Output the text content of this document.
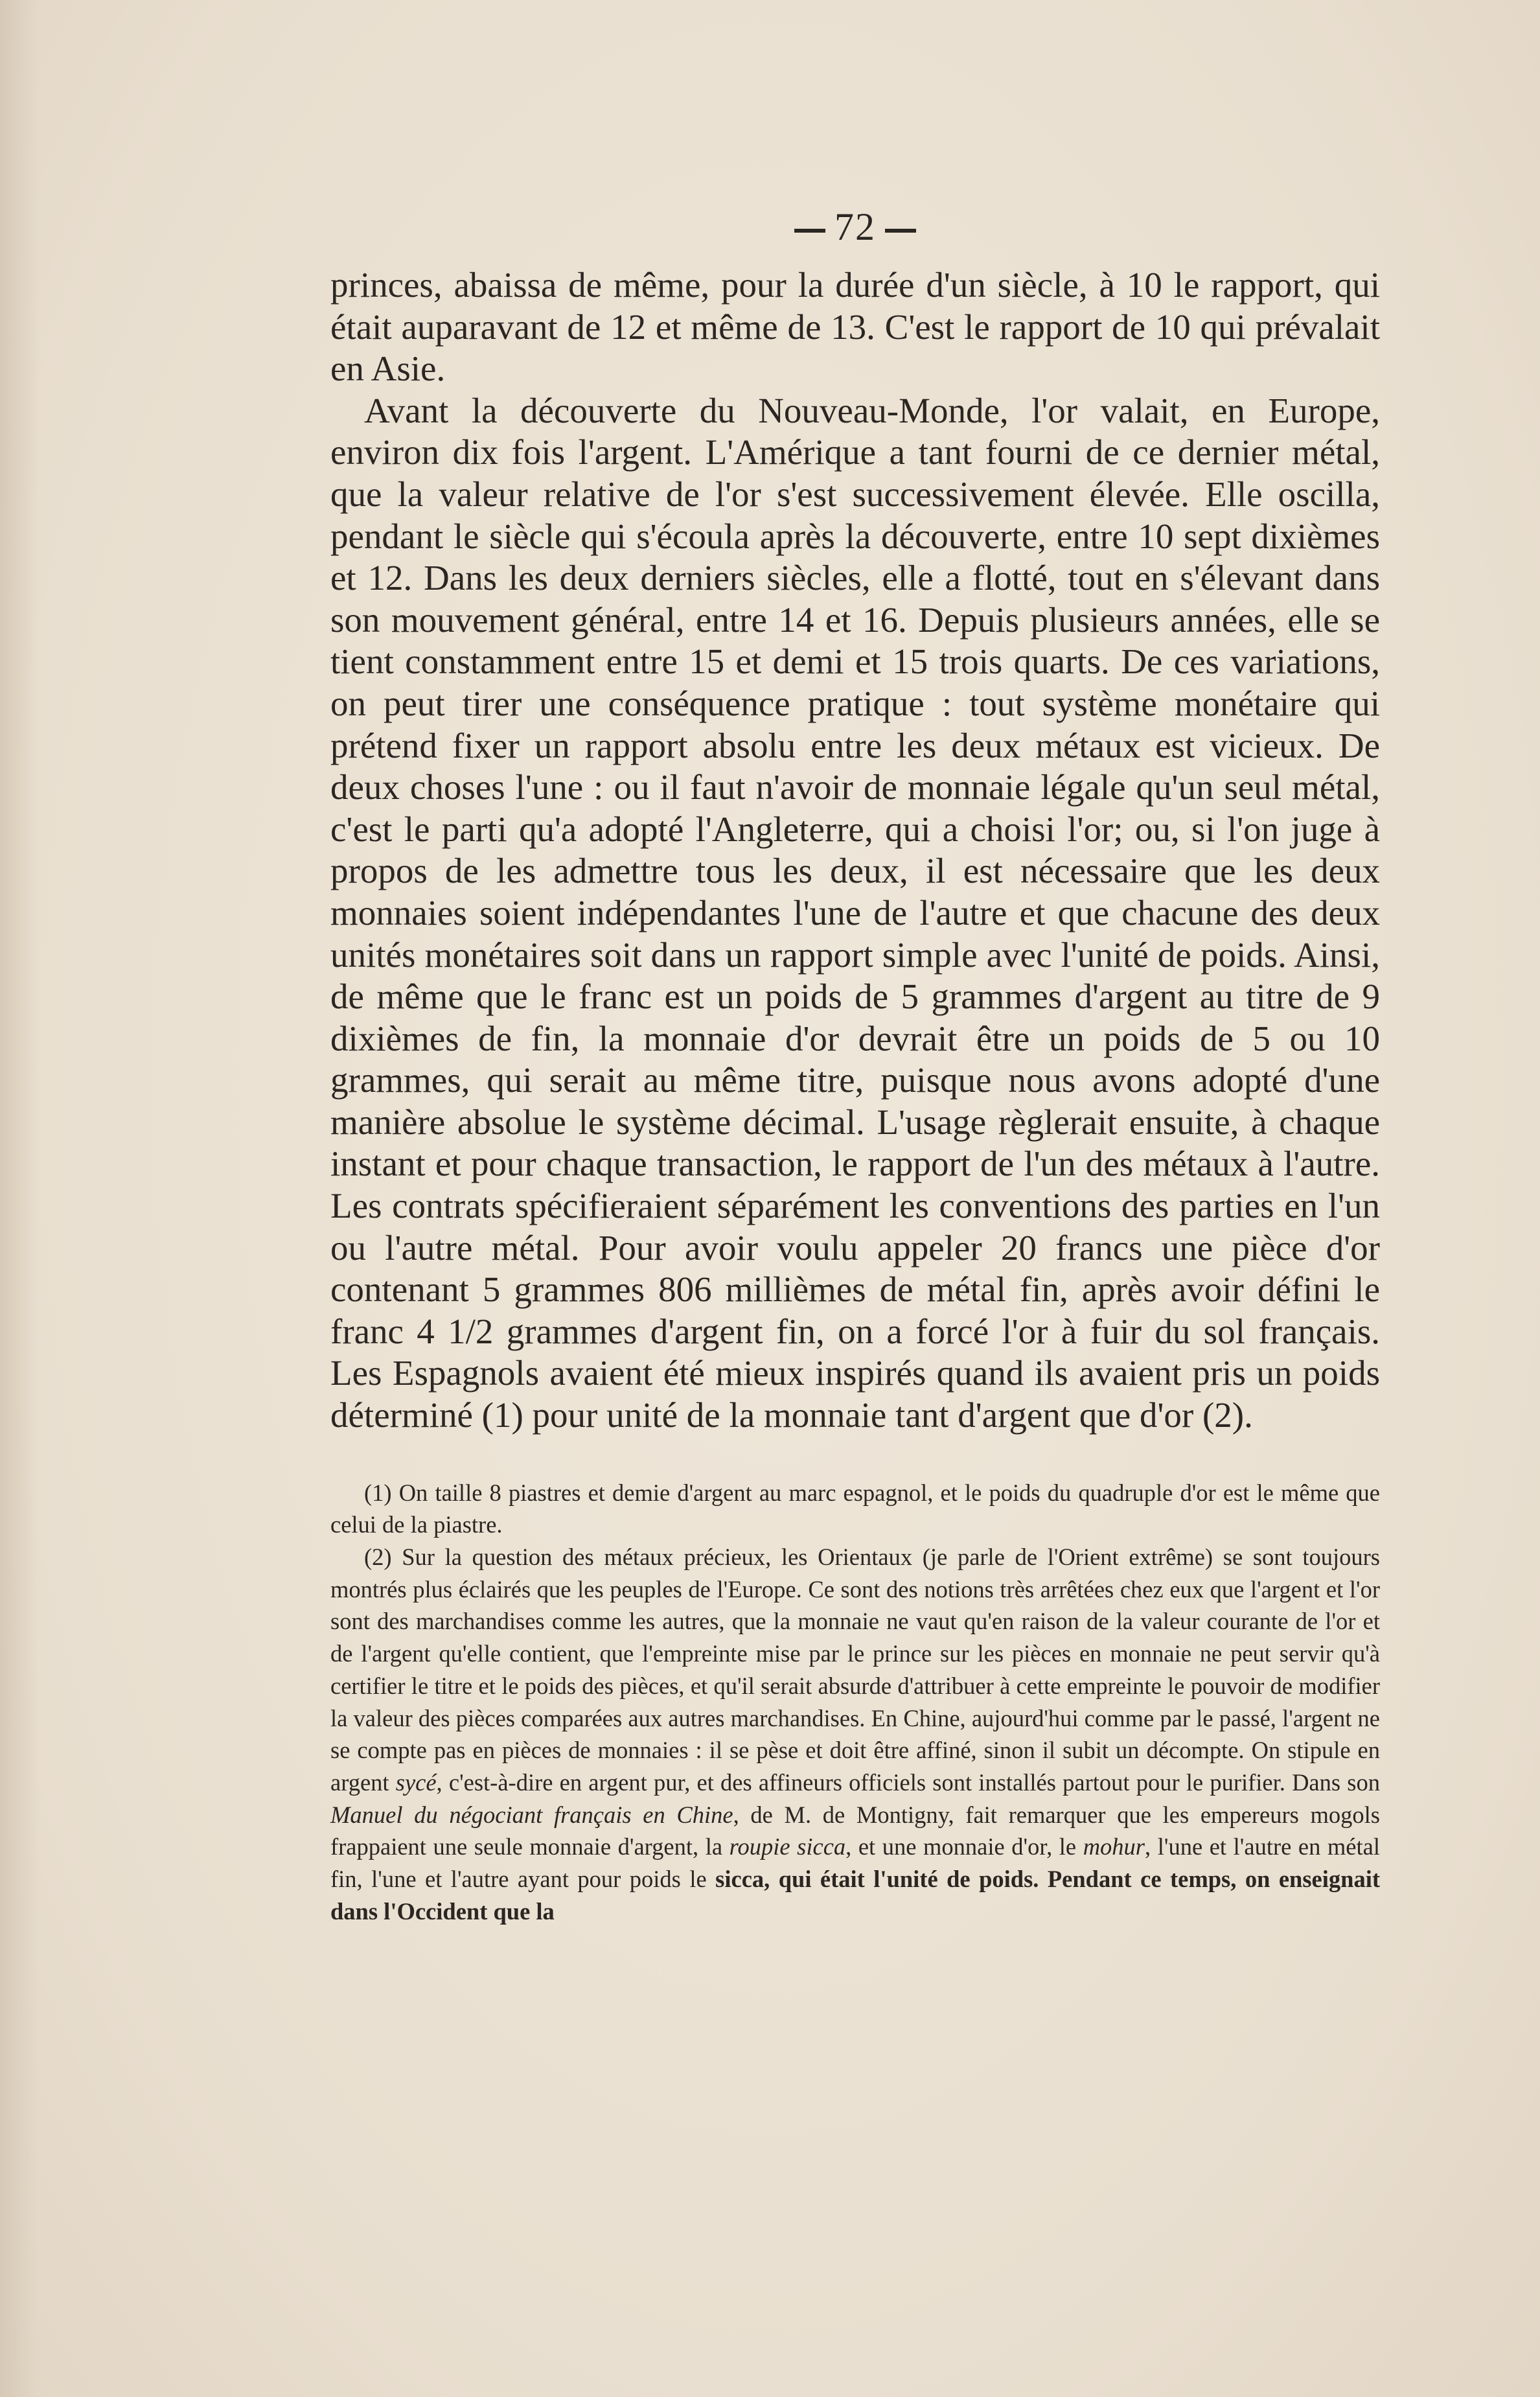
72

princes, abaissa de même, pour la durée d'un siècle, à 10 le rapport, qui était auparavant de 12 et même de 13. C'est le rapport de 10 qui prévalait en Asie.

Avant la découverte du Nouveau-Monde, l'or valait, en Europe, environ dix fois l'argent. L'Amérique a tant fourni de ce dernier métal, que la valeur relative de l'or s'est successivement élevée. Elle oscilla, pendant le siècle qui s'écoula après la découverte, entre 10 sept dixièmes et 12. Dans les deux derniers siècles, elle a flotté, tout en s'élevant dans son mouvement général, entre 14 et 16. Depuis plusieurs années, elle se tient constamment entre 15 et demi et 15 trois quarts. De ces variations, on peut tirer une conséquence pratique : tout système monétaire qui prétend fixer un rapport absolu entre les deux métaux est vicieux. De deux choses l'une : ou il faut n'avoir de monnaie légale qu'un seul métal, c'est le parti qu'a adopté l'Angleterre, qui a choisi l'or; ou, si l'on juge à propos de les admettre tous les deux, il est nécessaire que les deux monnaies soient indépendantes l'une de l'autre et que chacune des deux unités monétaires soit dans un rapport simple avec l'unité de poids. Ainsi, de même que le franc est un poids de 5 grammes d'argent au titre de 9 dixièmes de fin, la monnaie d'or devrait être un poids de 5 ou 10 grammes, qui serait au même titre, puisque nous avons adopté d'une manière absolue le système décimal. L'usage règlerait ensuite, à chaque instant et pour chaque transaction, le rapport de l'un des métaux à l'autre. Les contrats spécifieraient séparément les conventions des parties en l'un ou l'autre métal. Pour avoir voulu appeler 20 francs une pièce d'or contenant 5 grammes 806 millièmes de métal fin, après avoir défini le franc 4 1/2 grammes d'argent fin, on a forcé l'or à fuir du sol français. Les Espagnols avaient été mieux inspirés quand ils avaient pris un poids déterminé (1) pour unité de la monnaie tant d'argent que d'or (2).

(1) On taille 8 piastres et demie d'argent au marc espagnol, et le poids du quadruple d'or est le même que celui de la piastre.

(2) Sur la question des métaux précieux, les Orientaux (je parle de l'Orient extrême) se sont toujours montrés plus éclairés que les peuples de l'Europe. Ce sont des notions très arrêtées chez eux que l'argent et l'or sont des marchandises comme les autres, que la monnaie ne vaut qu'en raison de la valeur courante de l'or et de l'argent qu'elle contient, que l'empreinte mise par le prince sur les pièces en monnaie ne peut servir qu'à certifier le titre et le poids des pièces, et qu'il serait absurde d'attribuer à cette empreinte le pouvoir de modifier la valeur des pièces comparées aux autres marchandises. En Chine, aujourd'hui comme par le passé, l'argent ne se compte pas en pièces de monnaies : il se pèse et doit être affiné, sinon il subit un décompte. On stipule en argent sycé, c'est-à-dire en argent pur, et des affineurs officiels sont installés partout pour le purifier. Dans son Manuel du négociant français en Chine, de M. de Montigny, fait remarquer que les empereurs mogols frappaient une seule monnaie d'argent, la roupie sicca, et une monnaie d'or, le mohur, l'une et l'autre en métal fin, l'une et l'autre ayant pour poids le sicca, qui était l'unité de poids. Pendant ce temps, on enseignait dans l'Occident que la
